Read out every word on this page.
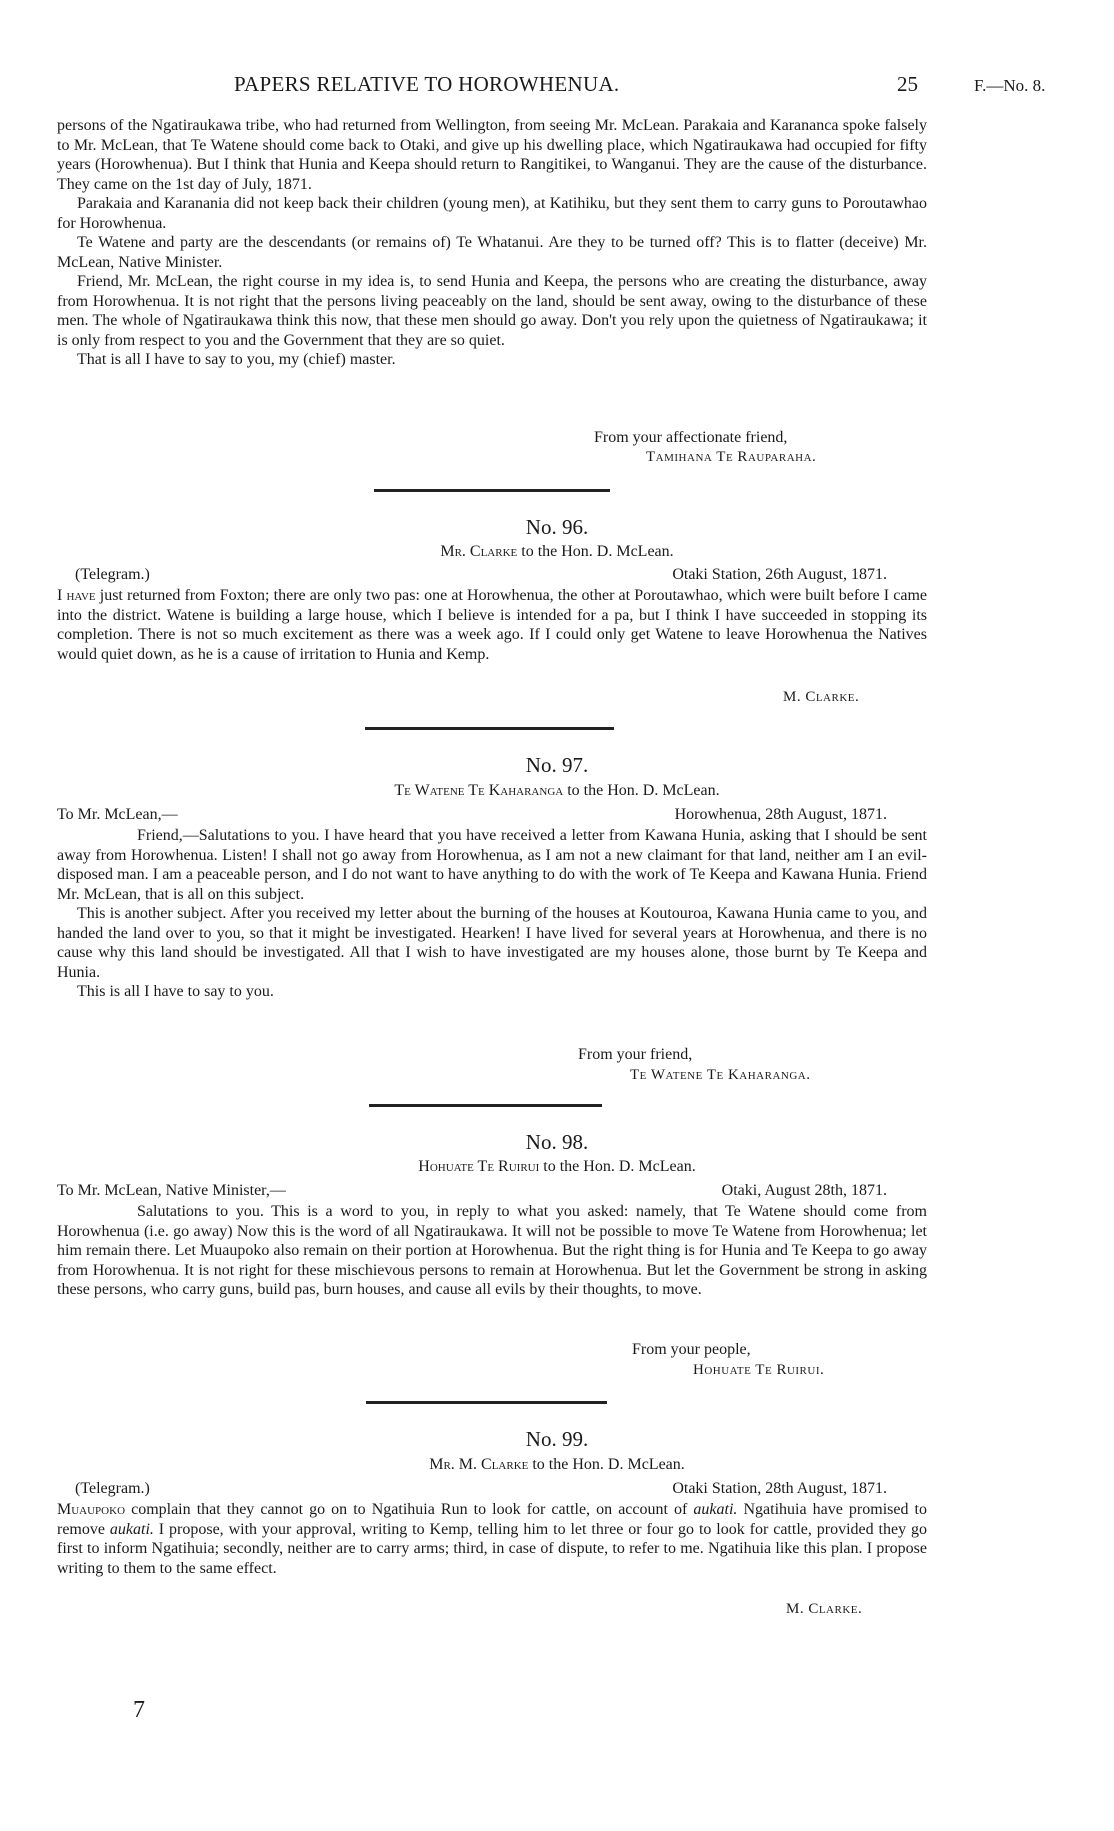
PAPERS RELATIVE TO HOROWHENUA.	25	F.—No. 8.

persons of the Ngatiraukawa tribe, who had returned from Wellington, from seeing Mr. McLean. Parakaia and Karananca spoke falsely to Mr. McLean, that Te Watene should come back to Otaki, and give up his dwelling place, which Ngatiraukawa had occupied for fifty years (Horowhenua). But I think that Hunia and Keepa should return to Rangitikei, to Wanganui. They are the cause of the disturbance. They came on the 1st day of July, 1871.

Parakaia and Karanania did not keep back their children (young men), at Katihiku, but they sent them to carry guns to Poroutawhao for Horowhenua.

Te Watene and party are the descendants (or remains of) Te Whatanui. Are they to be turned off? This is to flatter (deceive) Mr. McLean, Native Minister.

Friend, Mr. McLean, the right course in my idea is, to send Hunia and Keepa, the persons who are creating the disturbance, away from Horowhenua. It is not right that the persons living peaceably on the land, should be sent away, owing to the disturbance of these men. The whole of Ngatiraukawa think this now, that these men should go away. Don't you rely upon the quietness of Ngatiraukawa; it is only from respect to you and the Government that they are so quiet.

That is all I have to say to you, my (chief) master.

From your affectionate friend,
Tamihana Te Rauparaha.
No. 96.
Mr. Clarke to the Hon. D. McLean.
(Telegram.)	Otaki Station, 26th August, 1871.

I have just returned from Foxton; there are only two pas: one at Horowhenua, the other at Poroutawhao, which were built before I came into the district. Watene is building a large house, which I believe is intended for a pa, but I think I have succeeded in stopping its completion. There is not so much excitement as there was a week ago. If I could only get Watene to leave Horowhenua the Natives would quiet down, as he is a cause of irritation to Hunia and Kemp.

M. Clarke.
No. 97.
Te Watene Te Kaharanga to the Hon. D. McLean.
To Mr. McLean,—	Horowhenua, 28th August, 1871.

Friend,—Salutations to you. I have heard that you have received a letter from Kawana Hunia, asking that I should be sent away from Horowhenua. Listen! I shall not go away from Horowhenua, as I am not a new claimant for that land, neither am I an evil-disposed man. I am a peaceable person, and I do not want to have anything to do with the work of Te Keepa and Kawana Hunia. Friend Mr. McLean, that is all on this subject.

This is another subject. After you received my letter about the burning of the houses at Koutouroa, Kawana Hunia came to you, and handed the land over to you, so that it might be investigated. Hearken! I have lived for several years at Horowhenua, and there is no cause why this land should be investigated. All that I wish to have investigated are my houses alone, those burnt by Te Keepa and Hunia.

This is all I have to say to you.

From your friend,
Te Watene Te Kaharanga.
No. 98.
Hohuate Te Ruirui to the Hon. D. McLean.
To Mr. McLean, Native Minister,—	Otaki, August 28th, 1871.

Salutations to you. This is a word to you, in reply to what you asked: namely, that Te Watene should come from Horowhenua (i.e. go away) Now this is the word of all Ngatiraukawa. It will not be possible to move Te Watene from Horowhenua; let him remain there. Let Muaupoko also remain on their portion at Horowhenua. But the right thing is for Hunia and Te Keepa to go away from Horowhenua. It is not right for these mischievous persons to remain at Horowhenua. But let the Government be strong in asking these persons, who carry guns, build pas, burn houses, and cause all evils by their thoughts, to move.

From your people,
Hohuate Te Ruirui.
No. 99.
Mr. M. Clarke to the Hon. D. McLean.
(Telegram.)	Otaki Station, 28th August, 1871.

Muaupoko complain that they cannot go on to Ngatihuia Run to look for cattle, on account of aukati. Ngatihuia have promised to remove aukati. I propose, with your approval, writing to Kemp, telling him to let three or four go to look for cattle, provided they go first to inform Ngatihuia; secondly, neither are to carry arms; third, in case of dispute, to refer to me. Ngatihuia like this plan. I propose writing to them to the same effect.

M. Clarke.
7
